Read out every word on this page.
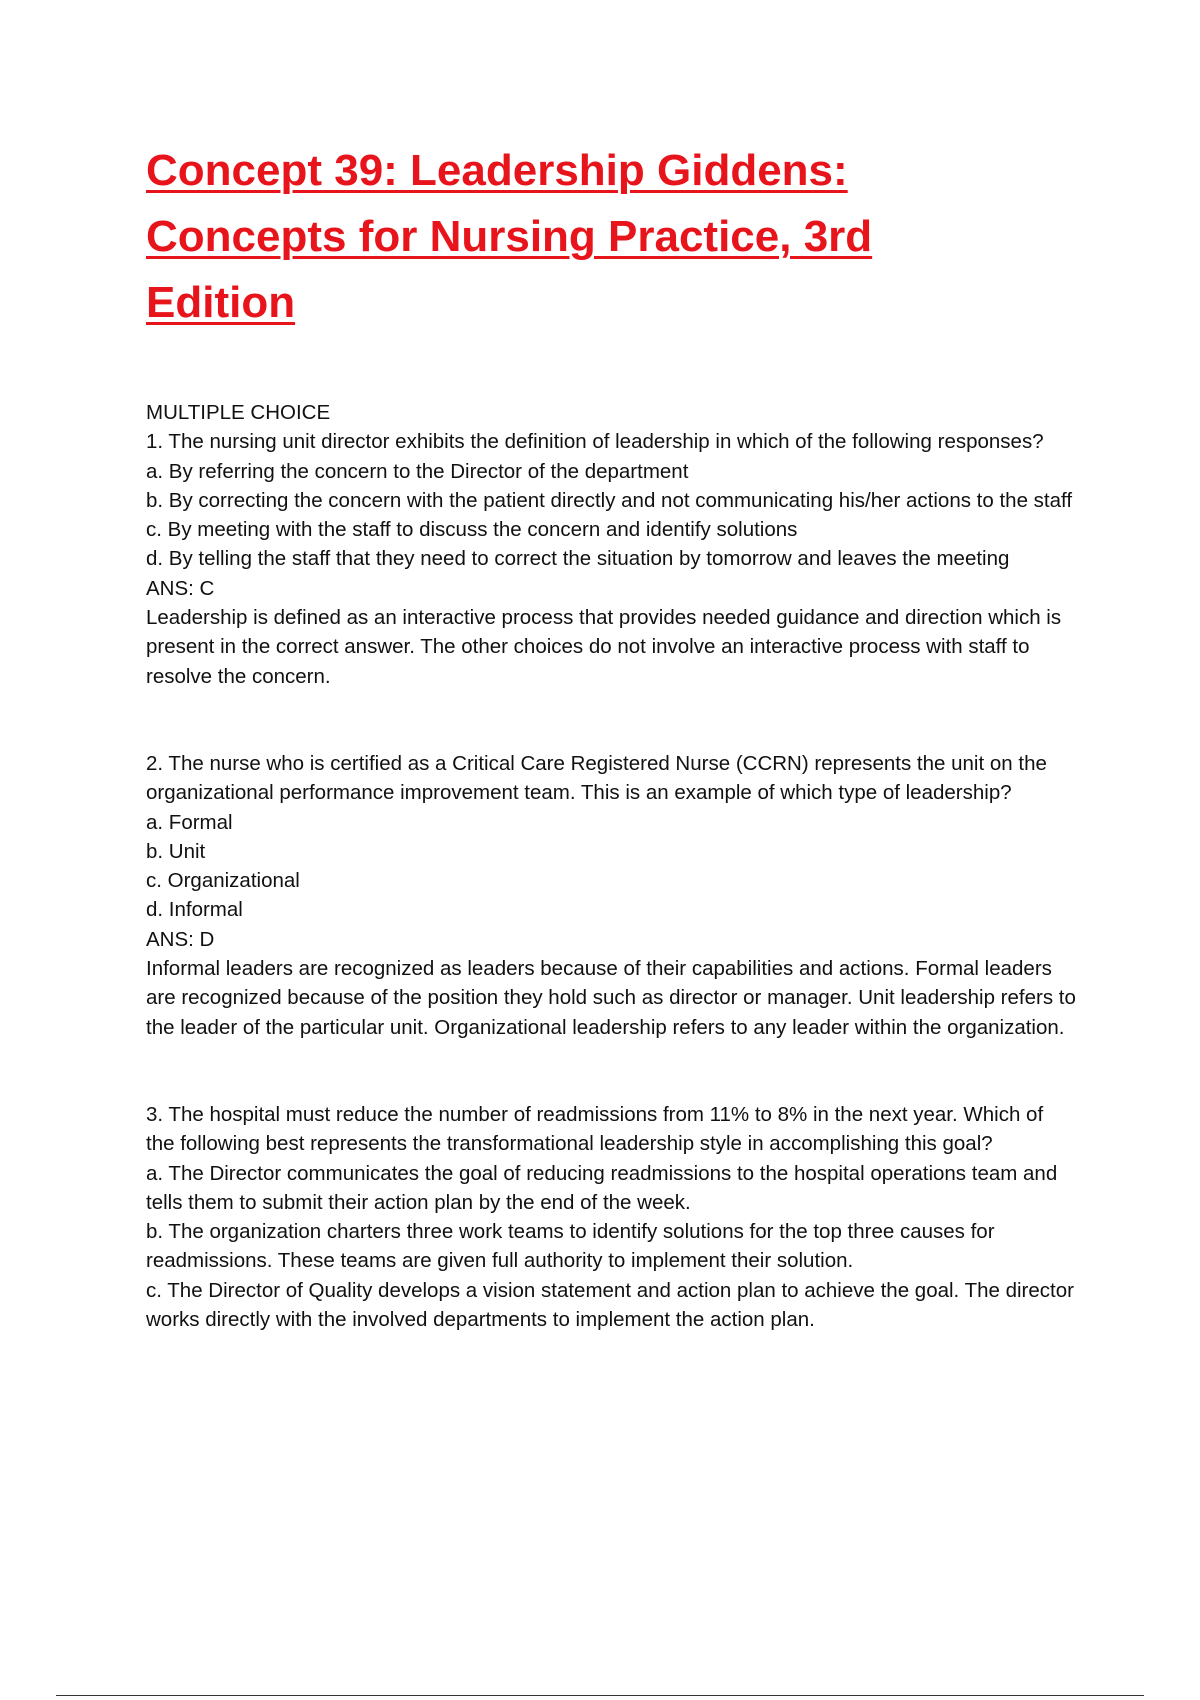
Concept 39: Leadership Giddens: Concepts for Nursing Practice, 3rd Edition

MULTIPLE CHOICE

1. The nursing unit director exhibits the definition of leadership in which of the following responses?

a. By referring the concern to the Director of the department

b. By correcting the concern with the patient directly and not communicating his/her actions to the staff

c. By meeting with the staff to discuss the concern and identify solutions

d. By telling the staff that they need to correct the situation by tomorrow and leaves the meeting

ANS: C

Leadership is defined as an interactive process that provides needed guidance and direction which is present in the correct answer. The other choices do not involve an interactive process with staff to resolve the concern.

2. The nurse who is certified as a Critical Care Registered Nurse (CCRN) represents the unit on the organizational performance improvement team. This is an example of which type of leadership?

a. Formal

b. Unit

c. Organizational

d. Informal

ANS: D

Informal leaders are recognized as leaders because of their capabilities and actions. Formal leaders are recognized because of the position they hold such as director or manager. Unit leadership refers to the leader of the particular unit. Organizational leadership refers to any leader within the organization.

3. The hospital must reduce the number of readmissions from 11% to 8% in the next year. Which of the following best represents the transformational leadership style in accomplishing this goal?

a. The Director communicates the goal of reducing readmissions to the hospital operations team and tells them to submit their action plan by the end of the week.

b. The organization charters three work teams to identify solutions for the top three causes for readmissions. These teams are given full authority to implement their solution.

c. The Director of Quality develops a vision statement and action plan to achieve the goal. The director works directly with the involved departments to implement the action plan.
